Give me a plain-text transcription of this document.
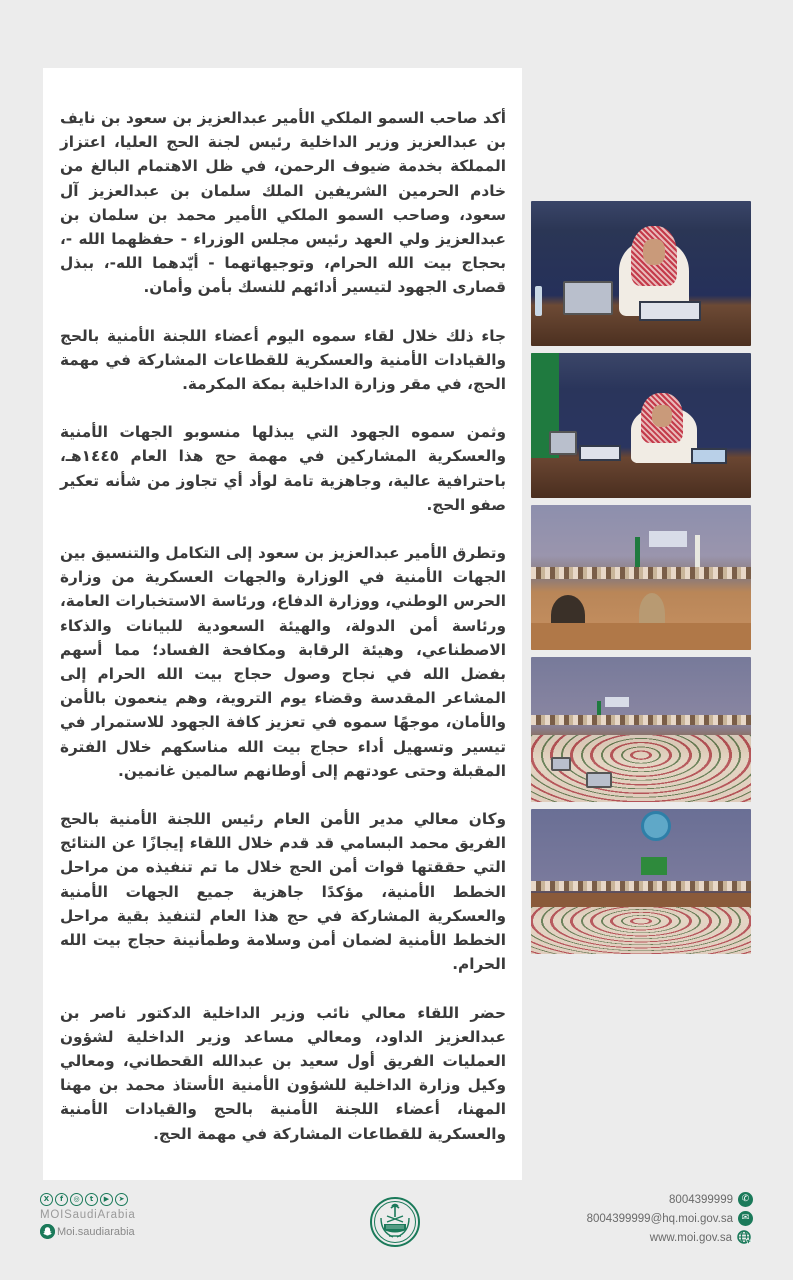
أكد صاحب السمو الملكي الأمير عبدالعزيز بن سعود بن نايف بن عبدالعزيز وزير الداخلية رئيس لجنة الحج العليا، اعتزاز المملكة بخدمة ضيوف الرحمن، في ظل الاهتمام البالغ من خادم الحرمين الشريفين الملك سلمان بن عبدالعزيز آل سعود، وصاحب السمو الملكي الأمير محمد بن سلمان بن عبدالعزيز ولي العهد رئيس مجلس الوزراء - حفظهما الله -، بحجاج بيت الله الحرام، وتوجيهاتهما - أيّدهما الله-، ببذل قصارى الجهود لتيسير أدائهم للنسك بأمن وأمان.

جاء ذلك خلال لقاء سموه اليوم أعضاء اللجنة الأمنية بالحج والقيادات الأمنية والعسكرية للقطاعات المشاركة في مهمة الحج، في مقر وزارة الداخلية بمكة المكرمة.

وثمن سموه الجهود التي يبذلها منسوبو الجهات الأمنية والعسكرية المشاركين في مهمة حج هذا العام ١٤٤٥هـ، باحترافية عالية، وجاهزية تامة لوأد أي تجاوز من شأنه تعكير صفو الحج.

وتطرق الأمير عبدالعزيز بن سعود إلى التكامل والتنسيق بين الجهات الأمنية في الوزارة والجهات العسكرية من وزارة الحرس الوطني، ووزارة الدفاع، ورئاسة الاستخبارات العامة، ورئاسة أمن الدولة، والهيئة السعودية للبيانات والذكاء الاصطناعي، وهيئة الرقابة ومكافحة الفساد؛ مما أسهم بفضل الله في نجاح وصول حجاج بيت الله الحرام إلى المشاعر المقدسة وقضاء يوم التروية، وهم ينعمون بالأمن والأمان، موجهًا سموه في تعزيز كافة الجهود للاستمرار في تيسير وتسهيل أداء حجاج بيت الله مناسكهم خلال الفترة المقبلة وحتى عودتهم إلى أوطانهم سالمين غانمين.

وكان معالي مدير الأمن العام رئيس اللجنة الأمنية بالحج الفريق محمد البسامي قد قدم خلال اللقاء إيجازًا عن النتائج التي حققتها قوات أمن الحج خلال ما تم تنفيذه من مراحل الخطط الأمنية، مؤكدًا جاهزية جميع الجهات الأمنية والعسكرية المشاركة في حج هذا العام لتنفيذ بقية مراحل الخطط الأمنية لضمان أمن وسلامة وطمأنينة حجاج بيت الله الحرام.

حضر اللقاء معالي نائب وزير الداخلية الدكتور ناصر بن عبدالعزيز الداود، ومعالي مساعد وزير الداخلية لشؤون العمليات الفريق أول سعيد بن عبدالله القحطاني، ومعالي وكيل وزارة الداخلية للشؤون الأمنية الأستاذ محمد بن مهنا المهنا، أعضاء اللجنة الأمنية بالحج والقيادات الأمنية والعسكرية للقطاعات المشاركة في مهمة الحج.

X	f	◎	t	▶	➤
MOISaudiArabia
Moi.saudiarabia
8004399999 ✆
8004399999@hq.moi.gov.sa ✉
www.moi.gov.sa
